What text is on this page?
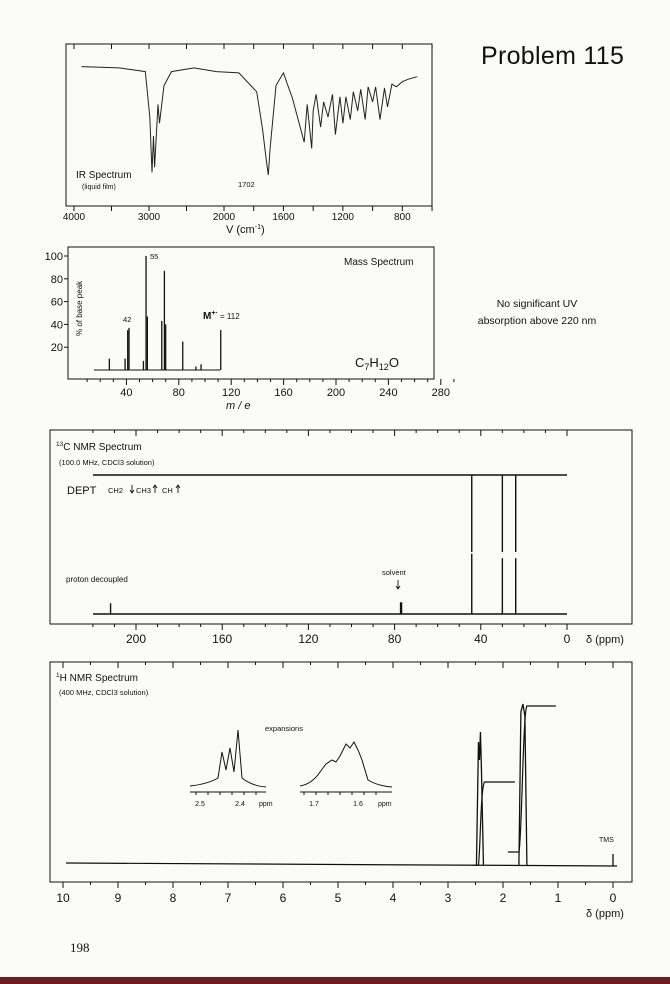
Problem 115
No significant UV
absorption above 220 nm
198
IR Spectrum
(liquid film)	1702
4000	3000	2000	1600	1200	800
V $(cm^{-1})$
% of base peak
Mass Spectrum
55
42	M+· $_{= 112}$
$C_7H_{12}O$
100
80
60
40
20
40	80	120	160	200	240	280
m / e
$^{13}$C NMR Spectrum
(100.0 MHz, CDCl3 solution)
DEPT CH2 CH3 CH
proton decoupled
solvent
200	160	120	80	40	0 δ (ppm)
$^1$H NMR Spectrum
(400 MHz, CDCl3 solution)
expansions
2.5	2.4 ppm	1.7	1.6 ppm
TMS
10	9	8	7	6	5	4	3	2	1	0
δ (ppm)
